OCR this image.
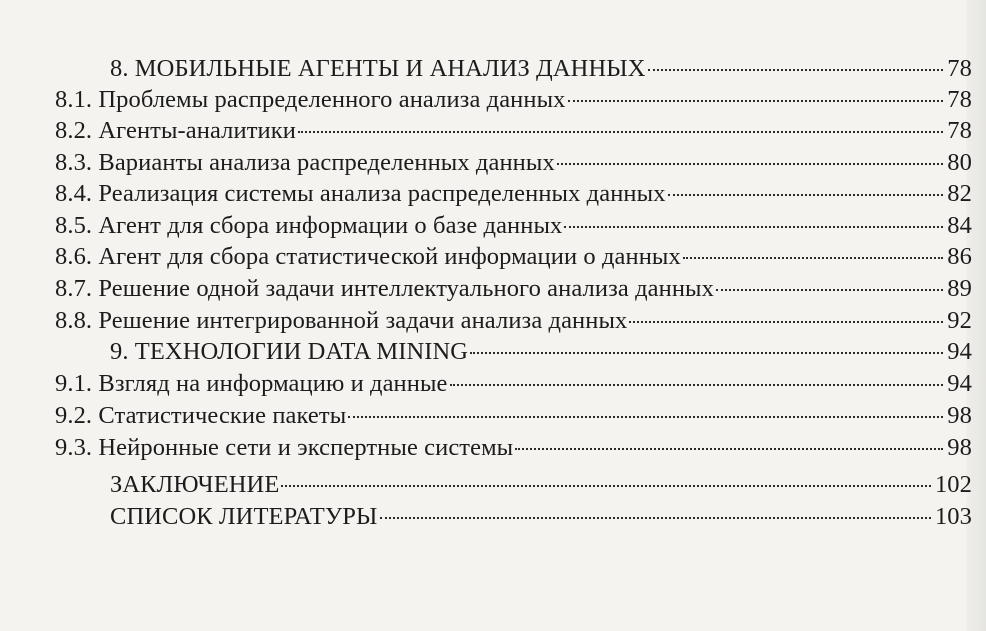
8. МОБИЛЬНЫЕ АГЕНТЫ И АНАЛИЗ ДАННЫХ	78
8.1. Проблемы распределенного анализа данных	78
8.2. Агенты-аналитики	78
8.3. Варианты анализа распределенных данных	80
8.4. Реализация системы анализа распределенных данных	82
8.5. Агент для сбора информации о базе данных	84
8.6. Агент для сбора статистической информации о данных	86
8.7. Решение одной задачи интеллектуального анализа данных	89
8.8. Решение интегрированной задачи анализа данных	92
9. ТЕХНОЛОГИИ DATA MINING	94
9.1. Взгляд на информацию и данные	94
9.2. Статистические пакеты	98
9.3. Нейронные сети и экспертные системы	98
ЗАКЛЮЧЕНИЕ	102
СПИСОК ЛИТЕРАТУРЫ	103
